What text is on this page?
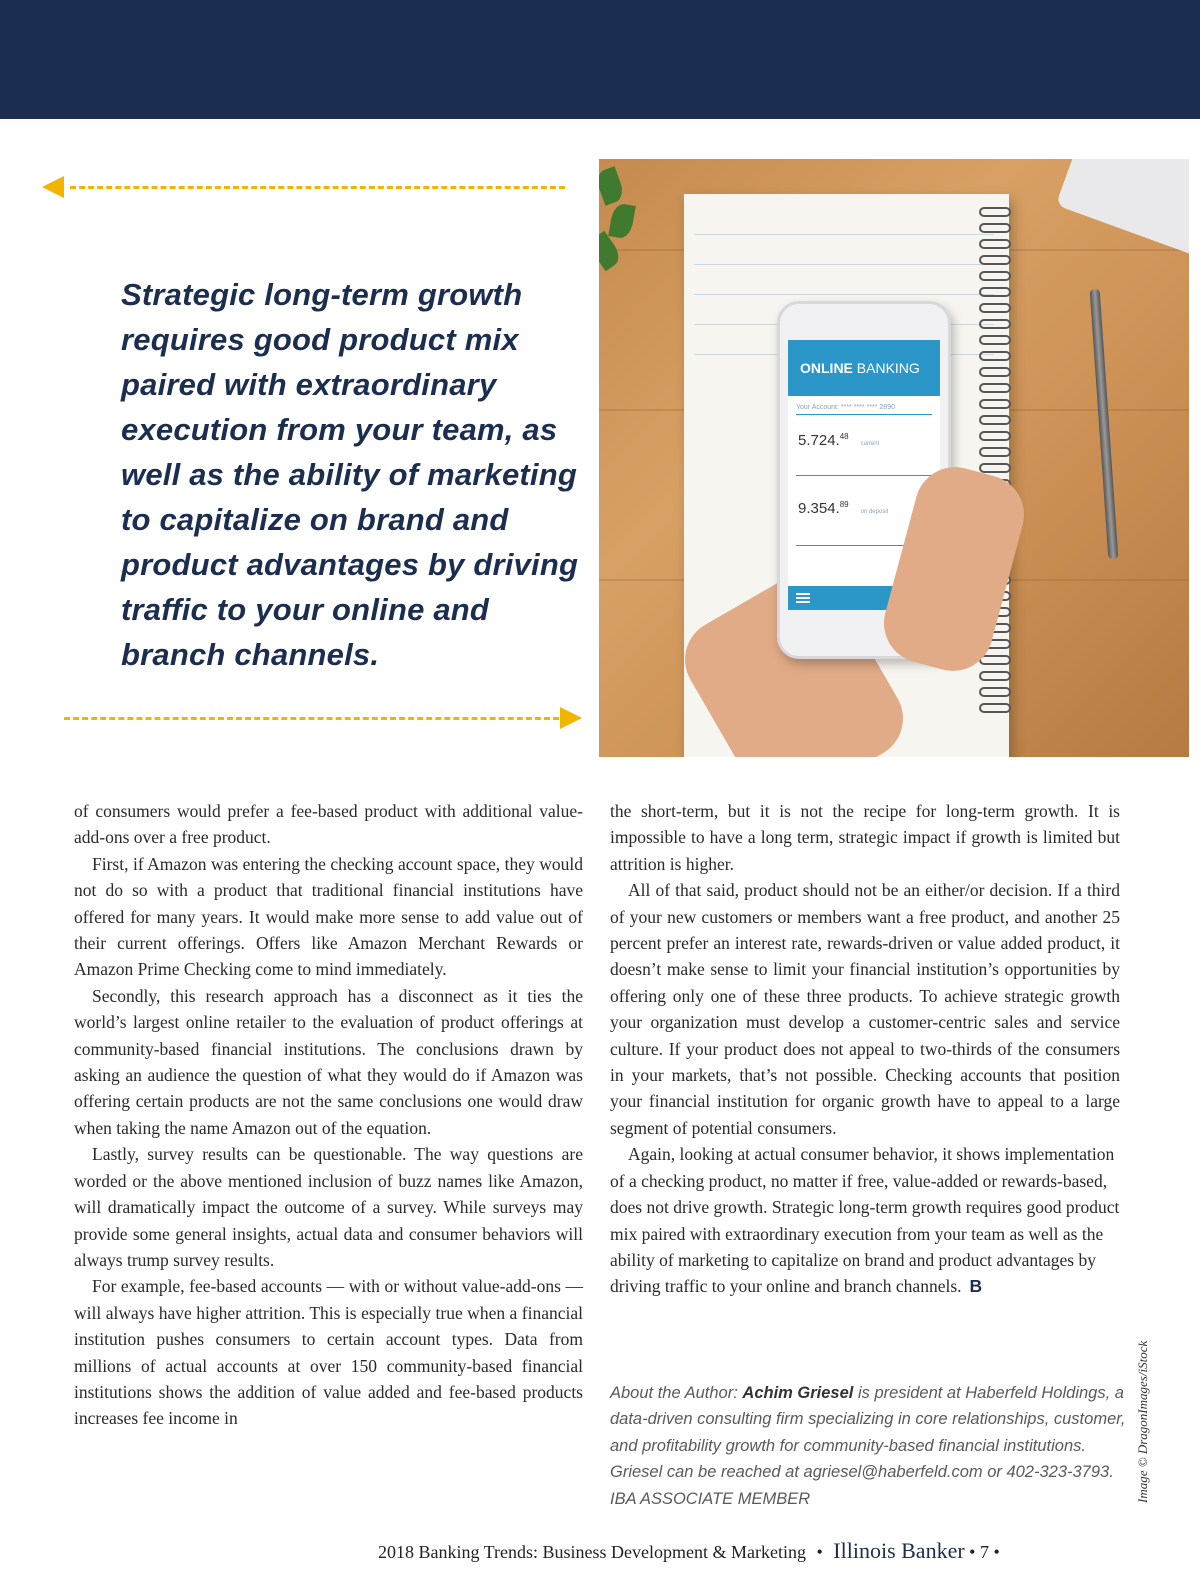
Strategic long-term growth
requires good product mix
paired with extraordinary
execution from your team, as
well as the ability of marketing
to capitalize on brand and
product advantages by driving
traffic to your online and
branch channels.
ONLINE BANKING
Your Account: **** **** **** 2890
5.724.48current
9.354.89on deposit

of consumers would prefer a fee-based product with additional value-add-ons over a free product.

First, if Amazon was entering the checking account space, they would not do so with a product that traditional financial institutions have offered for many years. It would make more sense to add value out of their current offerings. Offers like Amazon Merchant Rewards or Amazon Prime Checking come to mind immediately.

Secondly, this research approach has a disconnect as it ties the world’s largest online retailer to the evaluation of product offerings at community-based financial institutions. The conclusions drawn by asking an audience the question of what they would do if Amazon was offering certain products are not the same conclusions one would draw when taking the name Amazon out of the equation.

Lastly, survey results can be questionable. The way questions are worded or the above mentioned inclusion of buzz names like Amazon, will dramatically impact the outcome of a survey. While surveys may provide some general insights, actual data and consumer behaviors will always trump survey results.

For example, fee-based accounts — with or without value-add-ons — will always have higher attrition. This is especially true when a financial institution pushes consumers to certain account types. Data from millions of actual accounts at over 150 community-based financial institutions shows the addition of value added and fee-based products increases fee income in

the short-term, but it is not the recipe for long-term growth. It is impossible to have a long term, strategic impact if growth is limited but attrition is higher.

All of that said, product should not be an either/or decision. If a third of your new customers or members want a free product, and another 25 percent prefer an interest rate, rewards-driven or value added product, it doesn’t make sense to limit your financial institution’s opportunities by offering only one of these three products. To achieve strategic growth your organization must develop a customer-centric sales and service culture. If your product does not appeal to two-thirds of the consumers in your markets, that’s not possible. Checking accounts that position your financial institution for organic growth have to appeal to a large segment of potential consumers.

Again, looking at actual consumer behavior, it shows implementation of a checking product, no matter if free, value-added or rewards-based, does not drive growth. Strategic long-term growth requires good product mix paired with extraordinary execution from your team as well as the ability of marketing to capitalize on brand and product advantages by driving traffic to your online and branch channels. B

About the Author: Achim Griesel is president at Haberfeld Holdings, a data-driven consulting firm specializing in core relationships, customer, and profitability growth for community-based financial institutions. Griesel can be reached at agriesel@haberfeld.com or 402-323-3793. IBA ASSOCIATE MEMBER	Image © DragonImages/iStock
2018 Banking Trends: Business Development & Marketing • Illinois Banker • 7 •
